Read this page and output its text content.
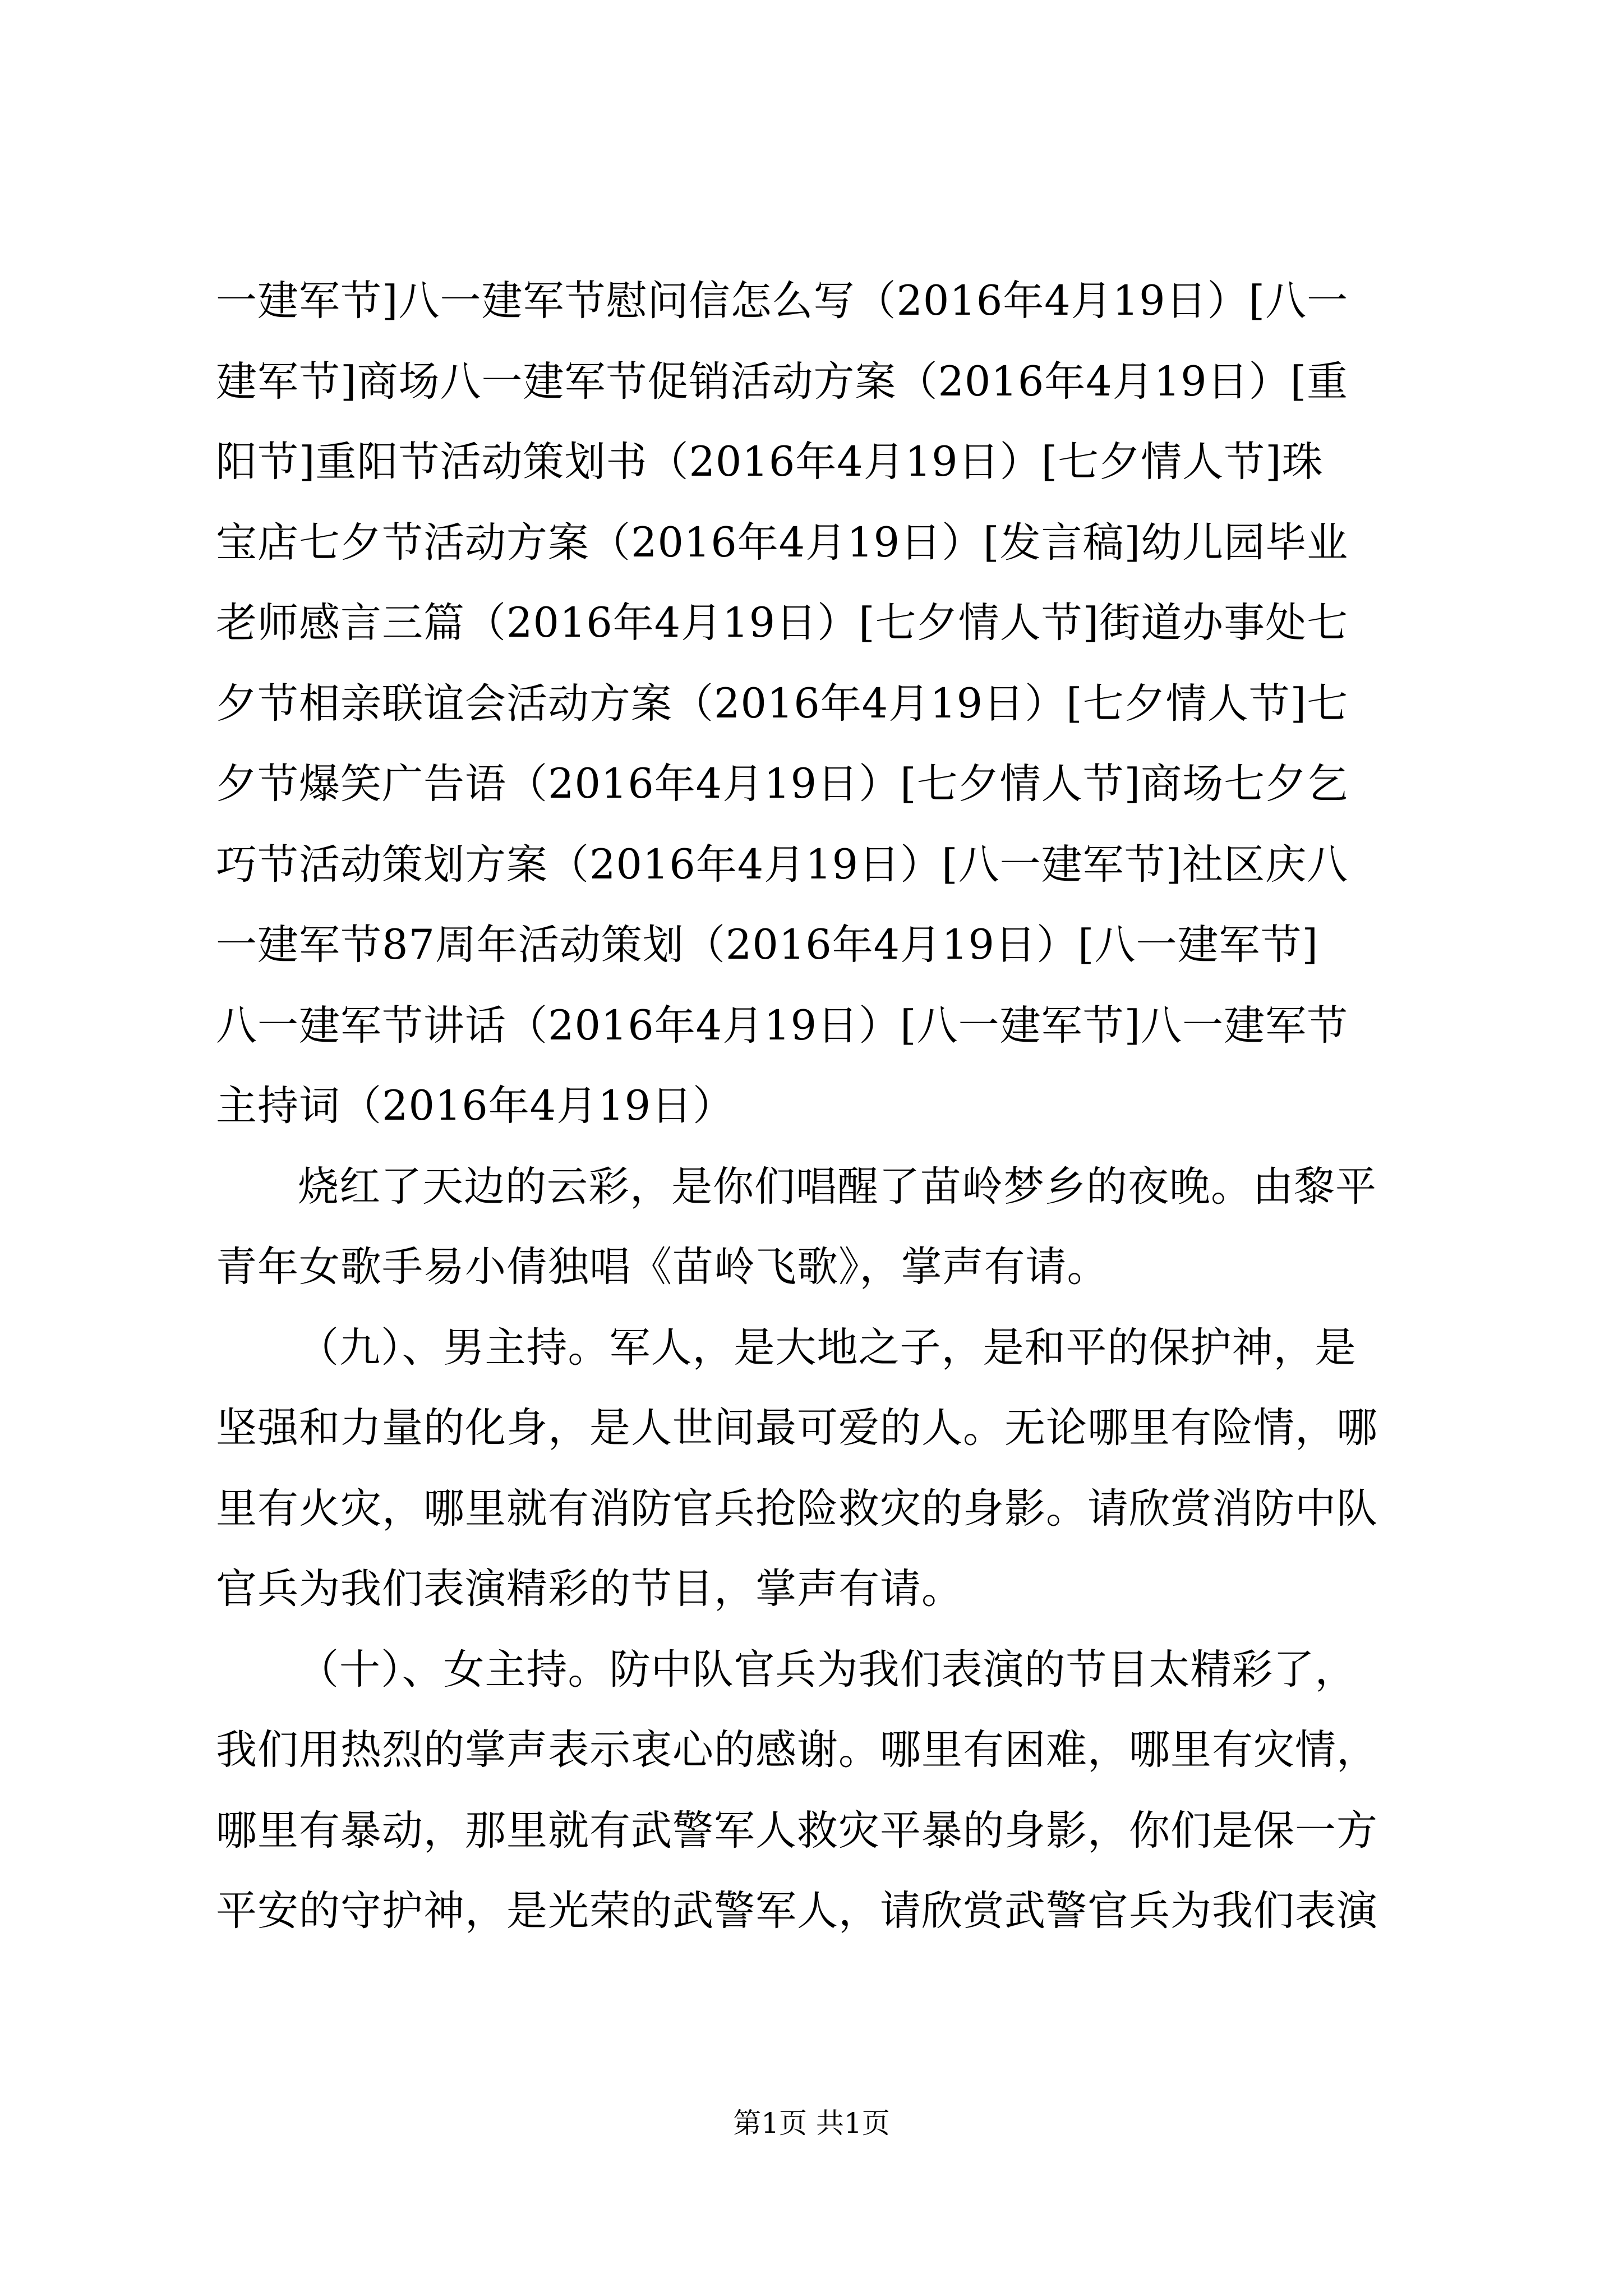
一建军节]八一建军节慰问信怎么写（2016年4月19日）[八一
建军节]商场八一建军节促销活动方案（2016年4月19日）[重
阳节]重阳节活动策划书（2016年4月19日）[七夕情人节]珠
宝店七夕节活动方案（2016年4月19日）[发言稿]幼儿园毕业
老师感言三篇（2016年4月19日）[七夕情人节]街道办事处七
夕节相亲联谊会活动方案（2016年4月19日）[七夕情人节]七
夕节爆笑广告语（2016年4月19日）[七夕情人节]商场七夕乞
巧节活动策划方案（2016年4月19日）[八一建军节]社区庆八
一建军节87周年活动策划（2016年4月19日）[八一建军节]
八一建军节讲话（2016年4月19日）[八一建军节]八一建军节
主持词（2016年4月19日）
烧红了天边的云彩，是你们唱醒了苗岭梦乡的夜晚。由黎平
青年女歌手易小倩独唱《苗岭飞歌》，掌声有请。
（九）、男主持。军人，是大地之子，是和平的保护神，是
坚强和力量的化身，是人世间最可爱的人。无论哪里有险情，哪
里有火灾，哪里就有消防官兵抢险救灾的身影。请欣赏消防中队
官兵为我们表演精彩的节目，掌声有请。
（十）、女主持。防中队官兵为我们表演的节目太精彩了，
我们用热烈的掌声表示衷心的感谢。哪里有困难，哪里有灾情，
哪里有暴动，那里就有武警军人救灾平暴的身影，你们是保一方
平安的守护神，是光荣的武警军人，请欣赏武警官兵为我们表演
第1页 共1页
